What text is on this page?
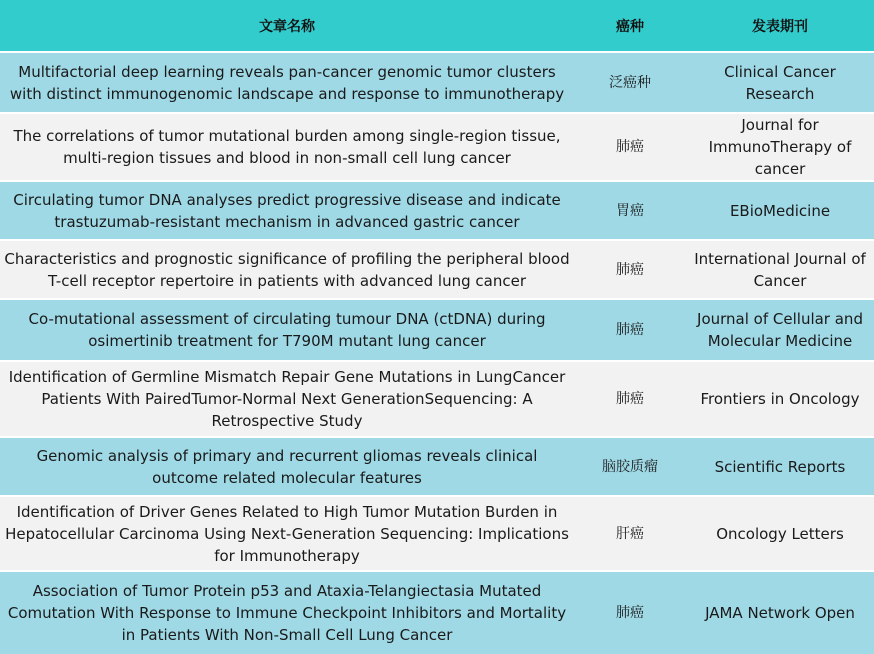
文章名称	癌种	发表期刊
Multifactorial deep learning reveals pan-cancer genomic tumor clusters with distinct immunogenomic landscape and response to immunotherapy	泛癌种	Clinical Cancer Research
The correlations of tumor mutational burden among single-region tissue, multi-region tissues and blood in non-small cell lung cancer	肺癌	Journal for ImmunoTherapy of cancer
Circulating tumor DNA analyses predict progressive disease and indicate trastuzumab-resistant mechanism in advanced gastric cancer	胃癌	EBioMedicine
Characteristics and prognostic significance of profiling the peripheral blood T-cell receptor repertoire in patients with advanced lung cancer	肺癌	International Journal of Cancer
Co-mutational assessment of circulating tumour DNA (ctDNA) during osimertinib treatment for T790M mutant lung cancer	肺癌	Journal of Cellular and Molecular Medicine
Identification of Germline Mismatch Repair Gene Mutations in LungCancer Patients With PairedTumor-Normal Next GenerationSequencing: A Retrospective Study	肺癌	Frontiers in Oncology
Genomic analysis of primary and recurrent gliomas reveals clinical outcome related molecular features	脑胶质瘤	Scientific Reports
Identification of Driver Genes Related to High Tumor Mutation Burden in Hepatocellular Carcinoma Using Next-Generation Sequencing: Implications for Immunotherapy	肝癌	Oncology Letters
Association of Tumor Protein p53 and Ataxia-Telangiectasia Mutated Comutation With Response to Immune Checkpoint Inhibitors and Mortality in Patients With Non-Small Cell Lung Cancer	肺癌	JAMA Network Open
